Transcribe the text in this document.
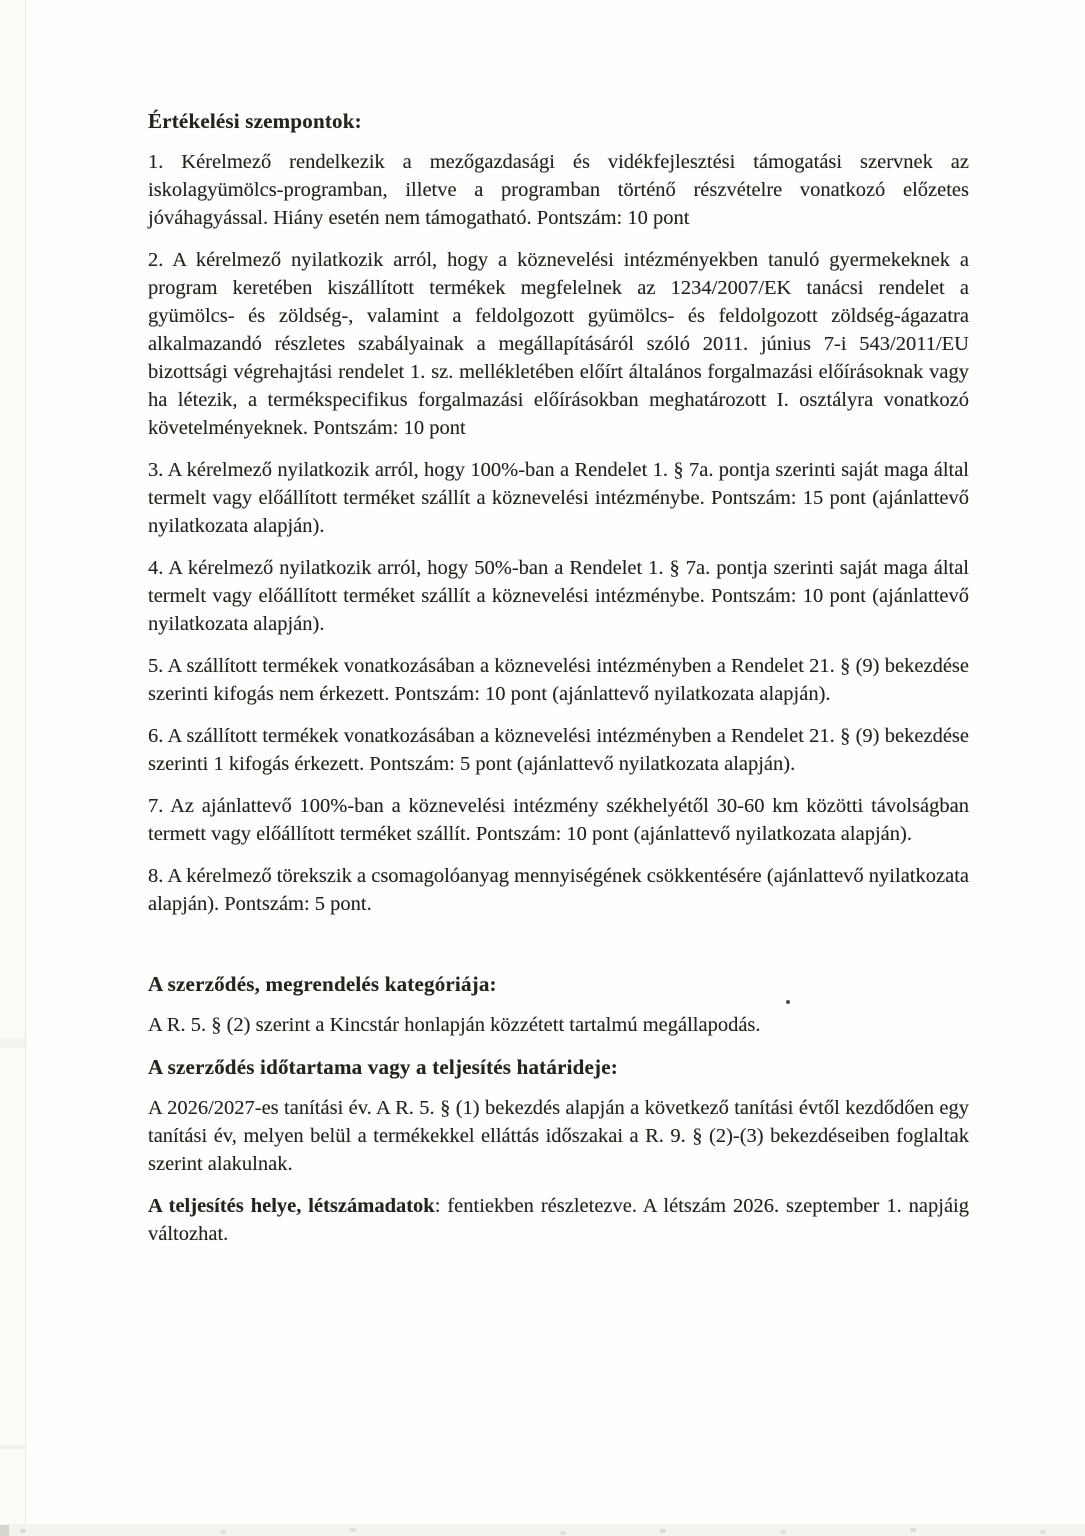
Értékelési szempontok:

1. Kérelmező rendelkezik a mezőgazdasági és vidékfejlesztési támogatási szervnek az iskolagyümölcs-programban, illetve a programban történő részvételre vonatkozó előzetes jóváhagyással. Hiány esetén nem támogatható. Pontszám: 10 pont

2. A kérelmező nyilatkozik arról, hogy a köznevelési intézményekben tanuló gyermekeknek a program keretében kiszállított termékek megfelelnek az 1234/2007/EK tanácsi rendelet a gyümölcs- és zöldség-, valamint a feldolgozott gyümölcs- és feldolgozott zöldség-ágazatra alkalmazandó részletes szabályainak a megállapításáról szóló 2011. június 7-i 543/2011/EU bizottsági végrehajtási rendelet 1. sz. mellékletében előírt általános forgalmazási előírásoknak vagy ha létezik, a termékspecifikus forgalmazási előírásokban meghatározott I. osztályra vonatkozó követelményeknek. Pontszám: 10 pont

3. A kérelmező nyilatkozik arról, hogy 100%-ban a Rendelet 1. § 7a. pontja szerinti saját maga által termelt vagy előállított terméket szállít a köznevelési intézménybe. Pontszám: 15 pont (ajánlattevő nyilatkozata alapján).

4. A kérelmező nyilatkozik arról, hogy 50%-ban a Rendelet 1. § 7a. pontja szerinti saját maga által termelt vagy előállított terméket szállít a köznevelési intézménybe. Pontszám: 10 pont (ajánlattevő nyilatkozata alapján).

5. A szállított termékek vonatkozásában a köznevelési intézményben a Rendelet 21. § (9) bekezdése szerinti kifogás nem érkezett. Pontszám: 10 pont (ajánlattevő nyilatkozata alapján).

6. A szállított termékek vonatkozásában a köznevelési intézményben a Rendelet 21. § (9) bekezdése szerinti 1 kifogás érkezett. Pontszám: 5 pont (ajánlattevő nyilatkozata alapján).

7. Az ajánlattevő 100%-ban a köznevelési intézmény székhelyétől 30-60 km közötti távolságban termett vagy előállított terméket szállít. Pontszám: 10 pont (ajánlattevő nyilatkozata alapján).

8. A kérelmező törekszik a csomagolóanyag mennyiségének csökkentésére (ajánlattevő nyilatkozata alapján). Pontszám: 5 pont.

A szerződés, megrendelés kategóriája:

A R. 5. § (2) szerint a Kincstár honlapján közzétett tartalmú megállapodás.

A szerződés időtartama vagy a teljesítés határideje:

A 2026/2027-es tanítási év. A R. 5. § (1) bekezdés alapján a következő tanítási évtől kezdődően egy tanítási év, melyen belül a termékekkel elláttás időszakai a R. 9. § (2)-(3) bekezdéseiben foglaltak szerint alakulnak.

A teljesítés helye, létszámadatok: fentiekben részletezve. A létszám 2026. szeptember 1. napjáig változhat.
